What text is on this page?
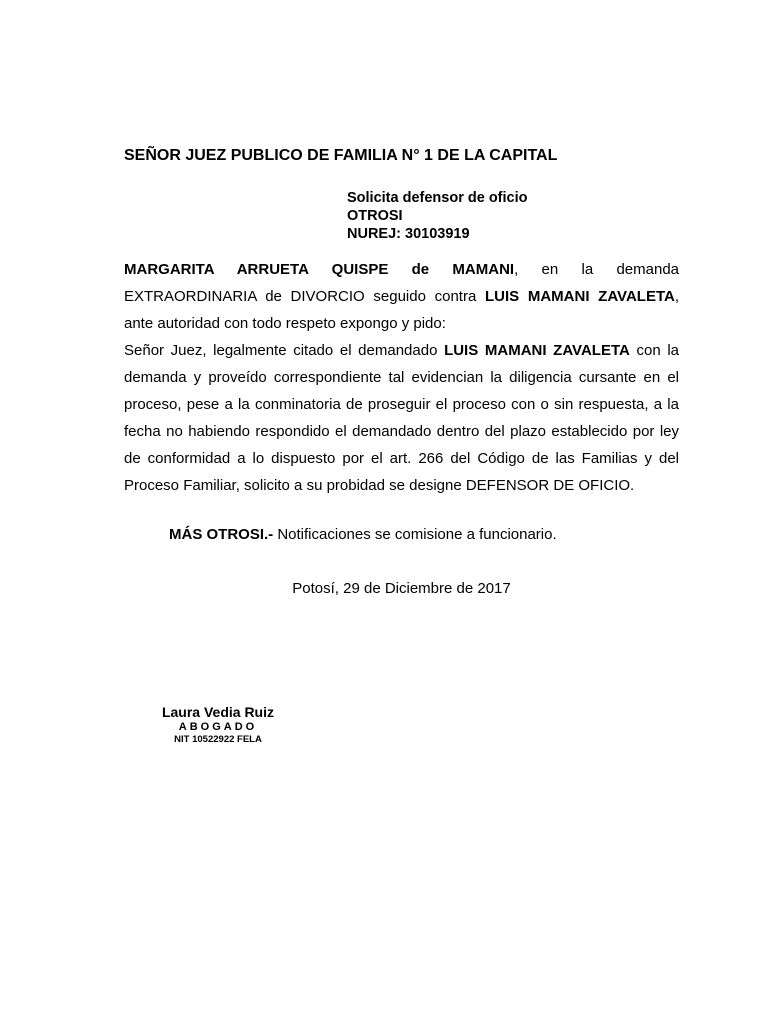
SEÑOR JUEZ PUBLICO DE FAMILIA N° 1 DE LA CAPITAL
Solicita defensor de oficio
OTROSI
NUREJ: 30103919

MARGARITA ARRUETA QUISPE de MAMANI, en la demanda EXTRAORDINARIA de DIVORCIO seguido contra LUIS MAMANI ZAVALETA, ante autoridad con todo respeto expongo y pido:

Señor Juez, legalmente citado el demandado LUIS MAMANI ZAVALETA con la demanda y proveído correspondiente tal evidencian la diligencia cursante en el proceso, pese a la conminatoria de proseguir el proceso con o sin respuesta, a la fecha no habiendo respondido el demandado dentro del plazo establecido por ley de conformidad a lo dispuesto por el art. 266 del Código de las Familias y del Proceso Familiar, solicito a su probidad se designe DEFENSOR DE OFICIO.

MÁS OTROSI.- Notificaciones se comisione a funcionario.
Potosí, 29 de Diciembre de 2017
Laura Vedia Ruiz
ABOGADO
NIT 10522922 FELA
